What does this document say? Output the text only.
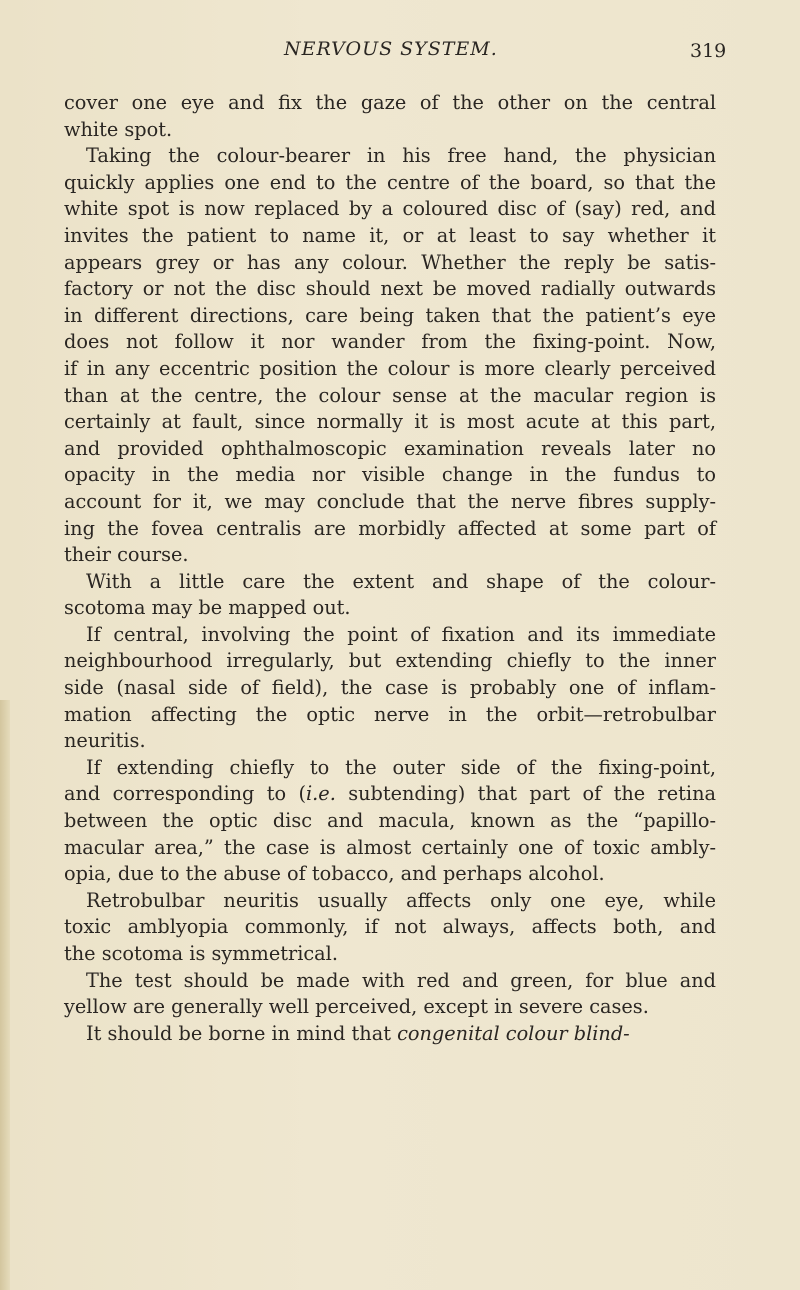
NERVOUS SYSTEM.	319
cover one eye and fix the gaze of the other on the central
white spot.
Taking the colour-bearer in his free hand, the physician
quickly applies one end to the centre of the board, so that the
white spot is now replaced by a coloured disc of (say) red, and
invites the patient to name it, or at least to say whether it
appears grey or has any colour. Whether the reply be satis-
factory or not the disc should next be moved radially outwards
in different directions, care being taken that the patient’s eye
does not follow it nor wander from the fixing-point. Now,
if in any eccentric position the colour is more clearly perceived
than at the centre, the colour sense at the macular region is
certainly at fault, since normally it is most acute at this part,
and provided ophthalmoscopic examination reveals later no
opacity in the media nor visible change in the fundus to
account for it, we may conclude that the nerve fibres supply-
ing the fovea centralis are morbidly affected at some part of
their course.
With a little care the extent and shape of the colour-
scotoma may be mapped out.
If central, involving the point of fixation and its immediate
neighbourhood irregularly, but extending chiefly to the inner
side (nasal side of field), the case is probably one of inflam-
mation affecting the optic nerve in the orbit—retrobulbar
neuritis.
If extending chiefly to the outer side of the fixing-point,
and corresponding to (i.e. subtending) that part of the retina
between the optic disc and macula, known as the “papillo-
macular area,” the case is almost certainly one of toxic ambly-
opia, due to the abuse of tobacco, and perhaps alcohol.
Retrobulbar neuritis usually affects only one eye, while
toxic amblyopia commonly, if not always, affects both, and
the scotoma is symmetrical.
The test should be made with red and green, for blue and
yellow are generally well perceived, except in severe cases.
It should be borne in mind that congenital colour blind-
